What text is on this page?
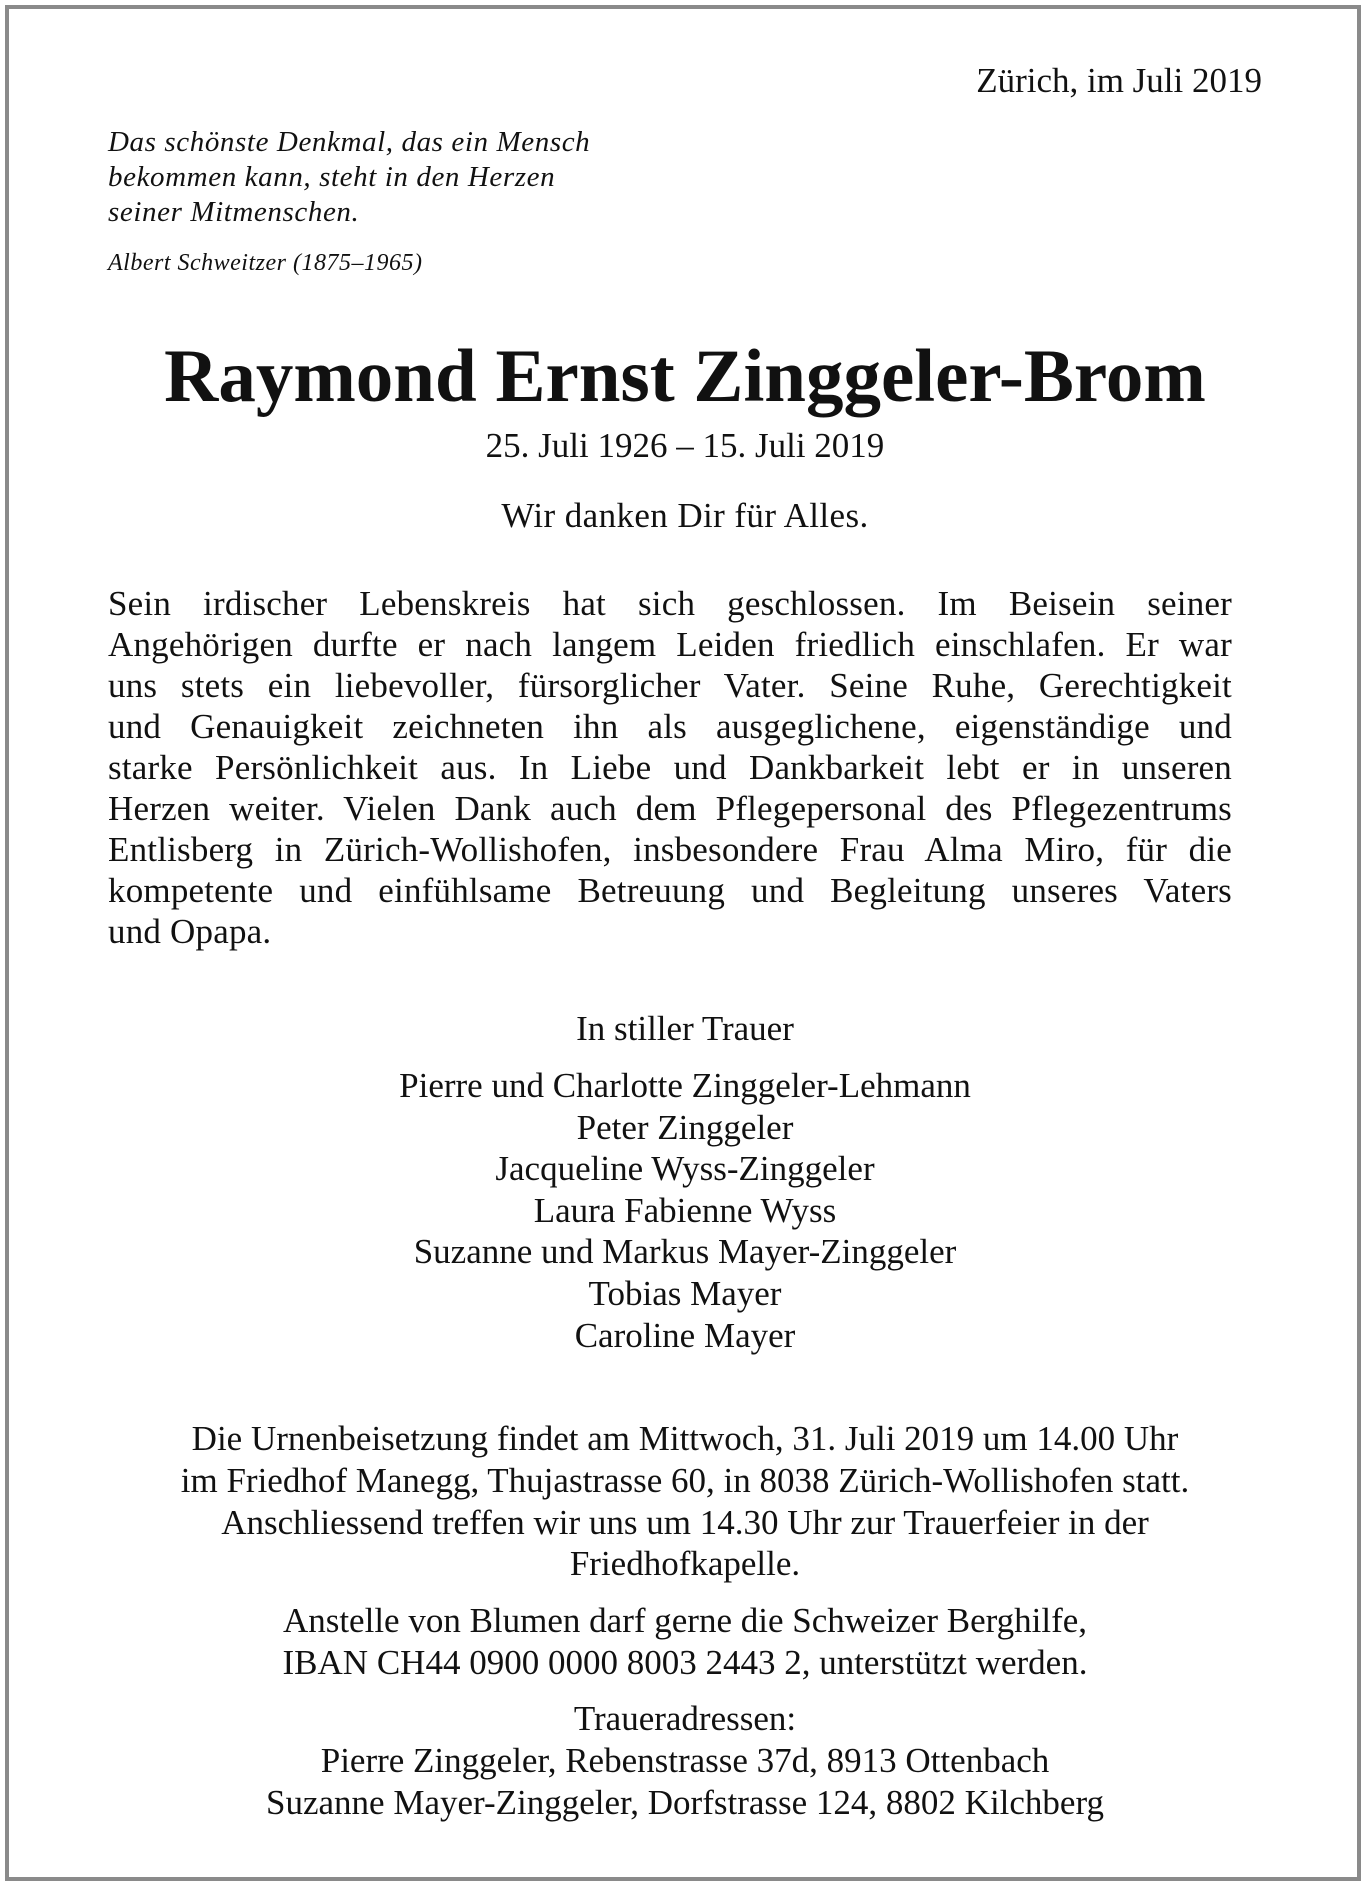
Zürich, im Juli 2019
Das schönste Denkmal, das ein Mensch
bekommen kann, steht in den Herzen
seiner Mitmenschen.
Albert Schweitzer (1875–1965)
Raymond Ernst Zinggeler-Brom
25. Juli 1926 – 15. Juli 2019
Wir danken Dir für Alles.
Sein irdischer Lebenskreis hat sich geschlossen. Im Beisein seiner
Angehörigen durfte er nach langem Leiden friedlich einschlafen. Er war
uns stets ein liebevoller, fürsorglicher Vater. Seine Ruhe, Gerechtigkeit
und Genauigkeit zeichneten ihn als ausgeglichene, eigenständige und
starke Persönlichkeit aus. In Liebe und Dankbarkeit lebt er in unseren
Herzen weiter. Vielen Dank auch dem Pflegepersonal des Pflegezentrums
Entlisberg in Zürich-Wollishofen, insbesondere Frau Alma Miro, für die
kompetente und einfühlsame Betreuung und Begleitung unseres Vaters
und Opapa.
In stiller Trauer
Pierre und Charlotte Zinggeler-Lehmann
Peter Zinggeler
Jacqueline Wyss-Zinggeler
Laura Fabienne Wyss
Suzanne und Markus Mayer-Zinggeler
Tobias Mayer
Caroline Mayer
Die Urnenbeisetzung findet am Mittwoch, 31. Juli 2019 um 14.00 Uhr
im Friedhof Manegg, Thujastrasse 60, in 8038 Zürich-Wollishofen statt.
Anschliessend treffen wir uns um 14.30 Uhr zur Trauerfeier in der
Friedhofkapelle.
Anstelle von Blumen darf gerne die Schweizer Berghilfe,
IBAN CH44 0900 0000 8003 2443 2, unterstützt werden.
Traueradressen:
Pierre Zinggeler, Rebenstrasse 37d, 8913 Ottenbach
Suzanne Mayer-Zinggeler, Dorfstrasse 124, 8802 Kilchberg
